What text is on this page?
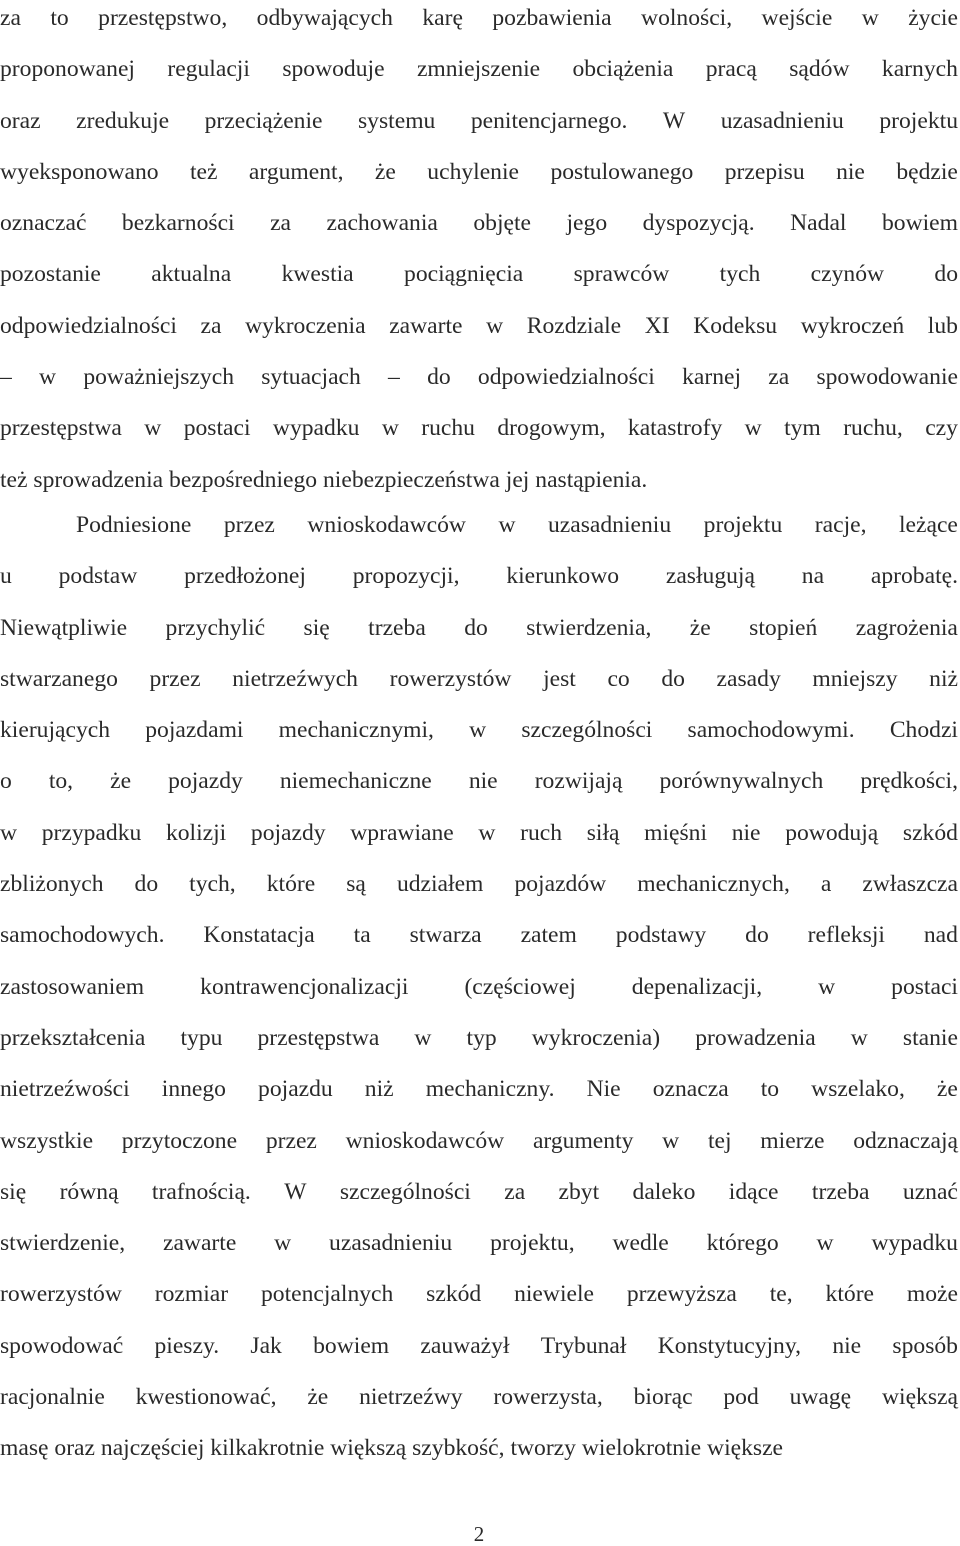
za to przestępstwo, odbywających karę pozbawienia wolności, wejście w życie
proponowanej regulacji spowoduje zmniejszenie obciążenia pracą sądów karnych
oraz zredukuje przeciążenie systemu penitencjarnego. W uzasadnieniu projektu
wyeksponowano też argument, że uchylenie postulowanego przepisu nie będzie
oznaczać bezkarności za zachowania objęte jego dyspozycją. Nadal bowiem
pozostanie aktualna kwestia pociągnięcia sprawców tych czynów do
odpowiedzialności za wykroczenia zawarte w Rozdziale XI Kodeksu wykroczeń lub
– w poważniejszych sytuacjach – do odpowiedzialności karnej za spowodowanie
przestępstwa w postaci wypadku w ruchu drogowym, katastrofy w tym ruchu, czy
też sprowadzenia bezpośredniego niebezpieczeństwa jej nastąpienia.
Podniesione przez wnioskodawców w uzasadnieniu projektu racje, leżące
u podstaw przedłożonej propozycji, kierunkowo zasługują na aprobatę.
Niewątpliwie przychylić się trzeba do stwierdzenia, że stopień zagrożenia
stwarzanego przez nietrzeźwych rowerzystów jest co do zasady mniejszy niż
kierujących pojazdami mechanicznymi, w szczególności samochodowymi. Chodzi
o to, że pojazdy niemechaniczne nie rozwijają porównywalnych prędkości,
w przypadku kolizji pojazdy wprawiane w ruch siłą mięśni nie powodują szkód
zbliżonych do tych, które są udziałem pojazdów mechanicznych, a zwłaszcza
samochodowych. Konstatacja ta stwarza zatem podstawy do refleksji nad
zastosowaniem kontrawencjonalizacji (częściowej depenalizacji, w postaci
przekształcenia typu przestępstwa w typ wykroczenia) prowadzenia w stanie
nietrzeźwości innego pojazdu niż mechaniczny. Nie oznacza to wszelako, że
wszystkie przytoczone przez wnioskodawców argumenty w tej mierze odznaczają
się równą trafnością. W szczególności za zbyt daleko idące trzeba uznać
stwierdzenie, zawarte w uzasadnieniu projektu, wedle którego w wypadku
rowerzystów rozmiar potencjalnych szkód niewiele przewyższa te, które może
spowodować pieszy. Jak bowiem zauważył Trybunał Konstytucyjny, nie sposób
racjonalnie kwestionować, że nietrzeźwy rowerzysta, biorąc pod uwagę większą
masę oraz najczęściej kilkakrotnie większą szybkość, tworzy wielokrotnie większe
2
